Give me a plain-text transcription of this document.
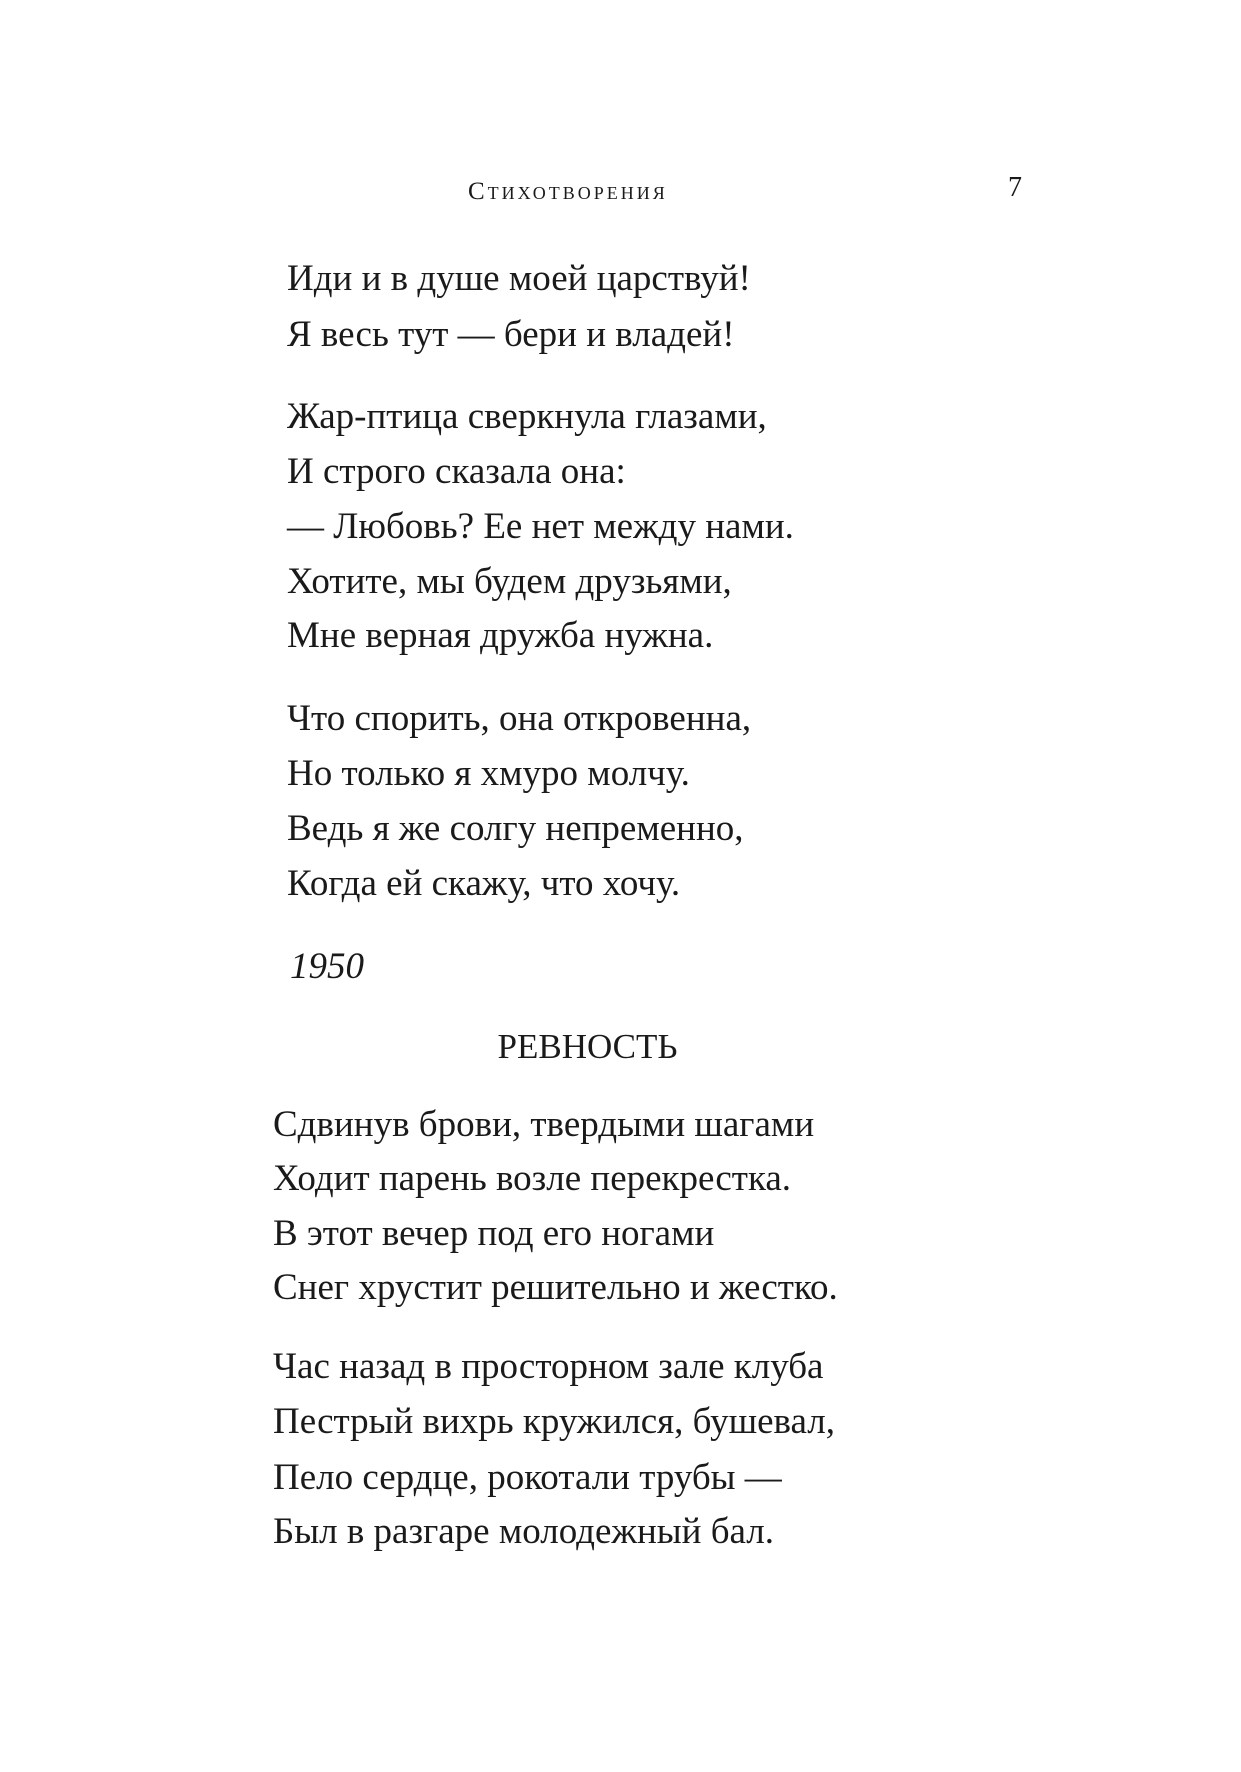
Стихотворения	7
Иди и в душе моей царствуй!
Я весь тут — бери и владей!
Жар-птица сверкнула глазами,
И строго сказала она:
— Любовь? Ее нет между нами.
Хотите, мы будем друзьями,
Мне верная дружба нужна.
Что спорить, она откровенна,
Но только я хмуро молчу.
Ведь я же солгу непременно,
Когда ей скажу, что хочу.
1950
РЕВНОСТЬ
Сдвинув брови, твердыми шагами
Ходит парень возле перекрестка.
В этот вечер под его ногами
Снег хрустит решительно и жестко.
Час назад в просторном зале клуба
Пестрый вихрь кружился, бушевал,
Пело сердце, рокотали трубы —
Был в разгаре молодежный бал.
